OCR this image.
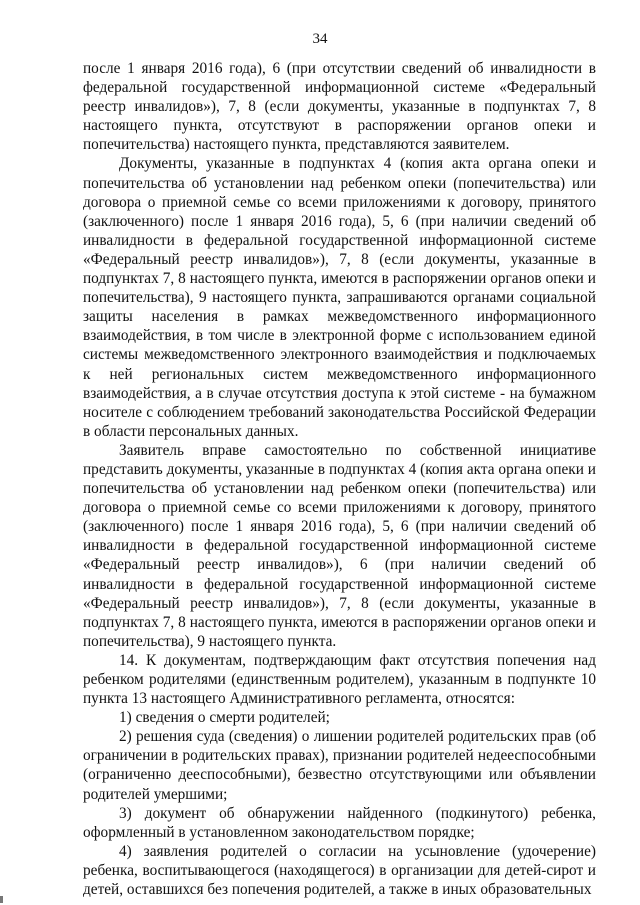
34

после 1 января 2016 года), 6 (при отсутствии сведений об инвалидности в федеральной государственной информационной системе «Федеральный реестр инвалидов»), 7, 8 (если документы, указанные в подпунктах 7, 8 настоящего пункта, отсутствуют в распоряжении органов опеки и попечительства) настоящего пункта, представляются заявителем.

Документы, указанные в подпунктах 4 (копия акта органа опеки и попечительства об установлении над ребенком опеки (попечительства) или договора о приемной семье со всеми приложениями к договору, принятого (заключенного) после 1 января 2016 года), 5, 6 (при наличии сведений об инвалидности в федеральной государственной информационной системе «Федеральный реестр инвалидов»), 7, 8 (если документы, указанные в подпунктах 7, 8 настоящего пункта, имеются в распоряжении органов опеки и попечительства), 9 настоящего пункта, запрашиваются органами социальной защиты населения в рамках межведомственного информационного взаимодействия, в том числе в электронной форме с использованием единой системы межведомственного электронного взаимодействия и подключаемых к ней региональных систем межведомственного информационного взаимодействия, а в случае отсутствия доступа к этой системе - на бумажном носителе с соблюдением требований законодательства Российской Федерации в области персональных данных.

Заявитель вправе самостоятельно по собственной инициативе представить документы, указанные в подпунктах 4 (копия акта органа опеки и попечительства об установлении над ребенком опеки (попечительства) или договора о приемной семье со всеми приложениями к договору, принятого (заключенного) после 1 января 2016 года), 5, 6 (при наличии сведений об инвалидности в федеральной государственной информационной системе «Федеральный реестр инвалидов»), 6 (при наличии сведений об инвалидности в федеральной государственной информационной системе «Федеральный реестр инвалидов»), 7, 8 (если документы, указанные в подпунктах 7, 8 настоящего пункта, имеются в распоряжении органов опеки и попечительства), 9 настоящего пункта.

14. К документам, подтверждающим факт отсутствия попечения над ребенком родителями (единственным родителем), указанным в подпункте 10 пункта 13 настоящего Административного регламента, относятся:

1) сведения о смерти родителей;

2) решения суда (сведения) о лишении родителей родительских прав (об ограничении в родительских правах), признании родителей недееспособными (ограниченно дееспособными), безвестно отсутствующими или объявлении родителей умершими;

3) документ об обнаружении найденного (подкинутого) ребенка, оформленный в установленном законодательством порядке;

4) заявления родителей о согласии на усыновление (удочерение) ребенка, воспитывающегося (находящегося) в организации для детей-сирот и детей, оставшихся без попечения родителей, а также в иных образовательных
